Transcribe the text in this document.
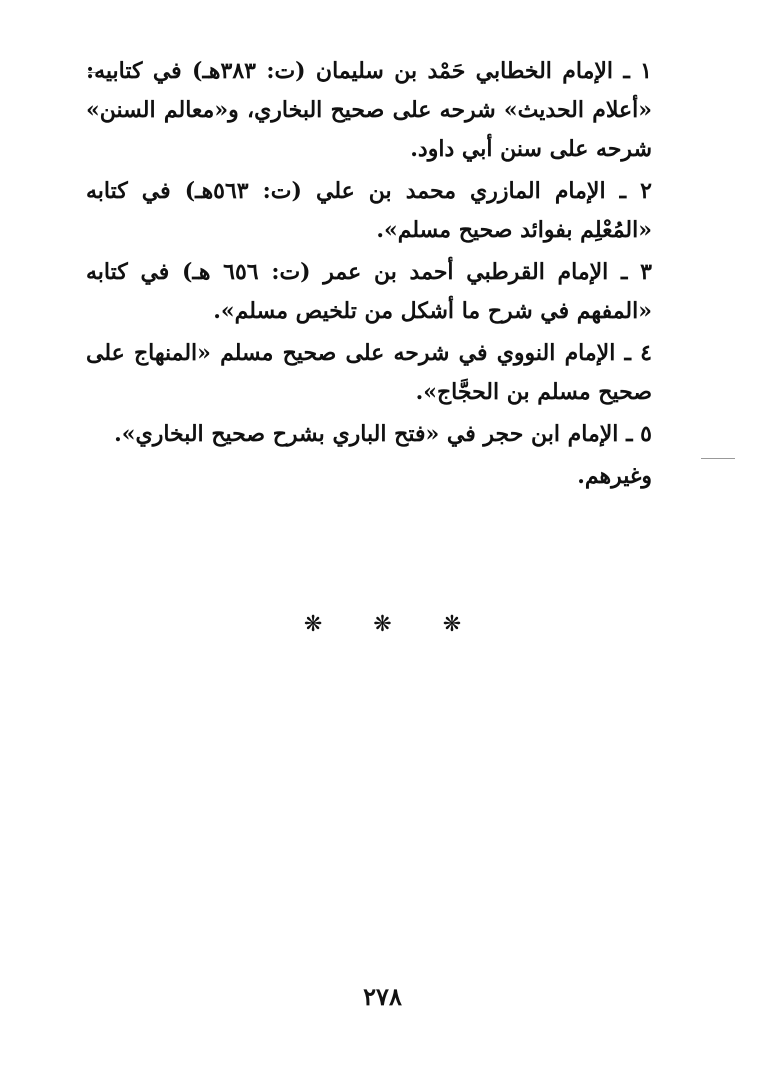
١ ـ الإمام الخطابي حَمْد بن سليمان (ت: ٣٨٣هـ) في كتابيه: «أعلام الحديث» شرحه على صحيح البخاري، و«معالم السنن» شرحه على سنن أبي داود.

٢ ـ الإمام المازري محمد بن علي (ت: ٥٦٣هـ) في كتابه «المُعْلِم بفوائد صحيح مسلم».

٣ ـ الإمام القرطبي أحمد بن عمر (ت: ٦٥٦ هـ) في كتابه «المفهم في شرح ما أشكل من تلخيص مسلم».

٤ ـ الإمام النووي في شرحه على صحيح مسلم «المنهاج على صحيح مسلم بن الحجَّاج».

٥ ـ الإمام ابن حجر في «فتح الباري بشرح صحيح البخاري».

وغيرهم.

❋ ❋ ❋
٢٧٨
